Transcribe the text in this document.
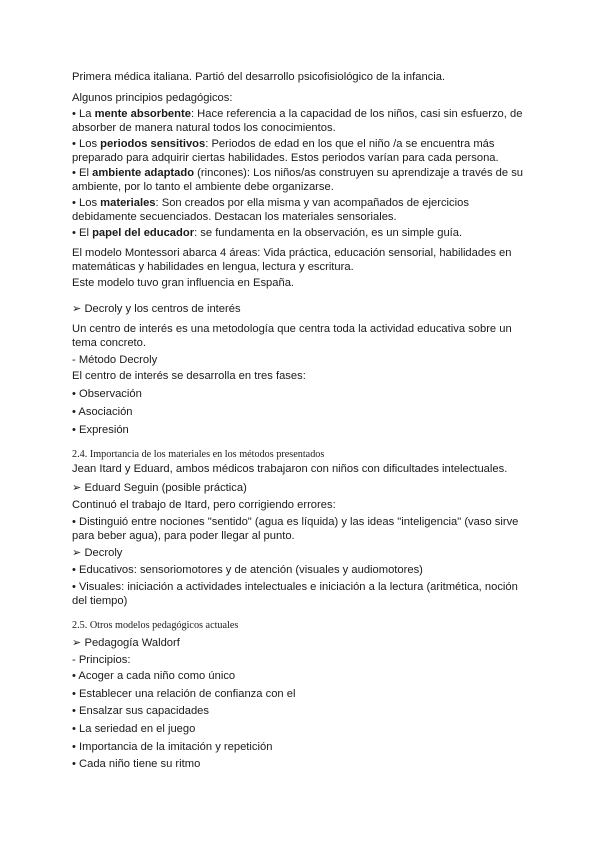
Primera médica italiana. Partió del desarrollo psicofisiológico de la infancia.
Algunos principios pedagógicos:
• La mente absorbente: Hace referencia a la capacidad de los niños, casi sin esfuerzo, de absorber de manera natural todos los conocimientos.
• Los periodos sensitivos: Periodos de edad en los que el niño /a se encuentra más preparado para adquirir ciertas habilidades. Estos periodos varían para cada persona.
• El ambiente adaptado (rincones): Los niños/as construyen su aprendizaje a través de su ambiente, por lo tanto el ambiente debe organizarse.
• Los materiales: Son creados por ella misma y van acompañados de ejercicios debidamente secuenciados. Destacan los materiales sensoriales.
• El papel del educador: se fundamenta en la observación, es un simple guía.
El modelo Montessori abarca 4 áreas: Vida práctica, educación sensorial, habilidades en matemáticas y habilidades en lengua, lectura y escritura.
Este modelo tuvo gran influencia en España.
➢ Decroly y los centros de interés
Un centro de interés es una metodología que centra toda la actividad educativa sobre un tema concreto.
- Método Decroly
El centro de interés se desarrolla en tres fases:
• Observación
• Asociación
• Expresión
2.4. Importancia de los materiales en los métodos presentados
Jean Itard y Eduard, ambos médicos trabajaron con niños con dificultades intelectuales.
➢ Eduard Seguin (posible práctica)
Continuó el trabajo de Itard, pero corrigiendo errores:
• Distinguió entre nociones "sentido" (agua es líquida) y las ideas "inteligencia" (vaso sirve para beber agua), para poder llegar al punto.
➢ Decroly
• Educativos: sensoriomotores y de atención (visuales y audiomotores)
• Visuales: iniciación a actividades intelectuales e iniciación a la lectura (aritmética, noción del tiempo)
2.5. Otros modelos pedagógicos actuales
➢ Pedagogía Waldorf
- Principios:
• Acoger a cada niño como único
• Establecer una relación de confianza con el
• Ensalzar sus capacidades
• La seriedad en el juego
• Importancia de la imitación y repetición
• Cada niño tiene su ritmo
